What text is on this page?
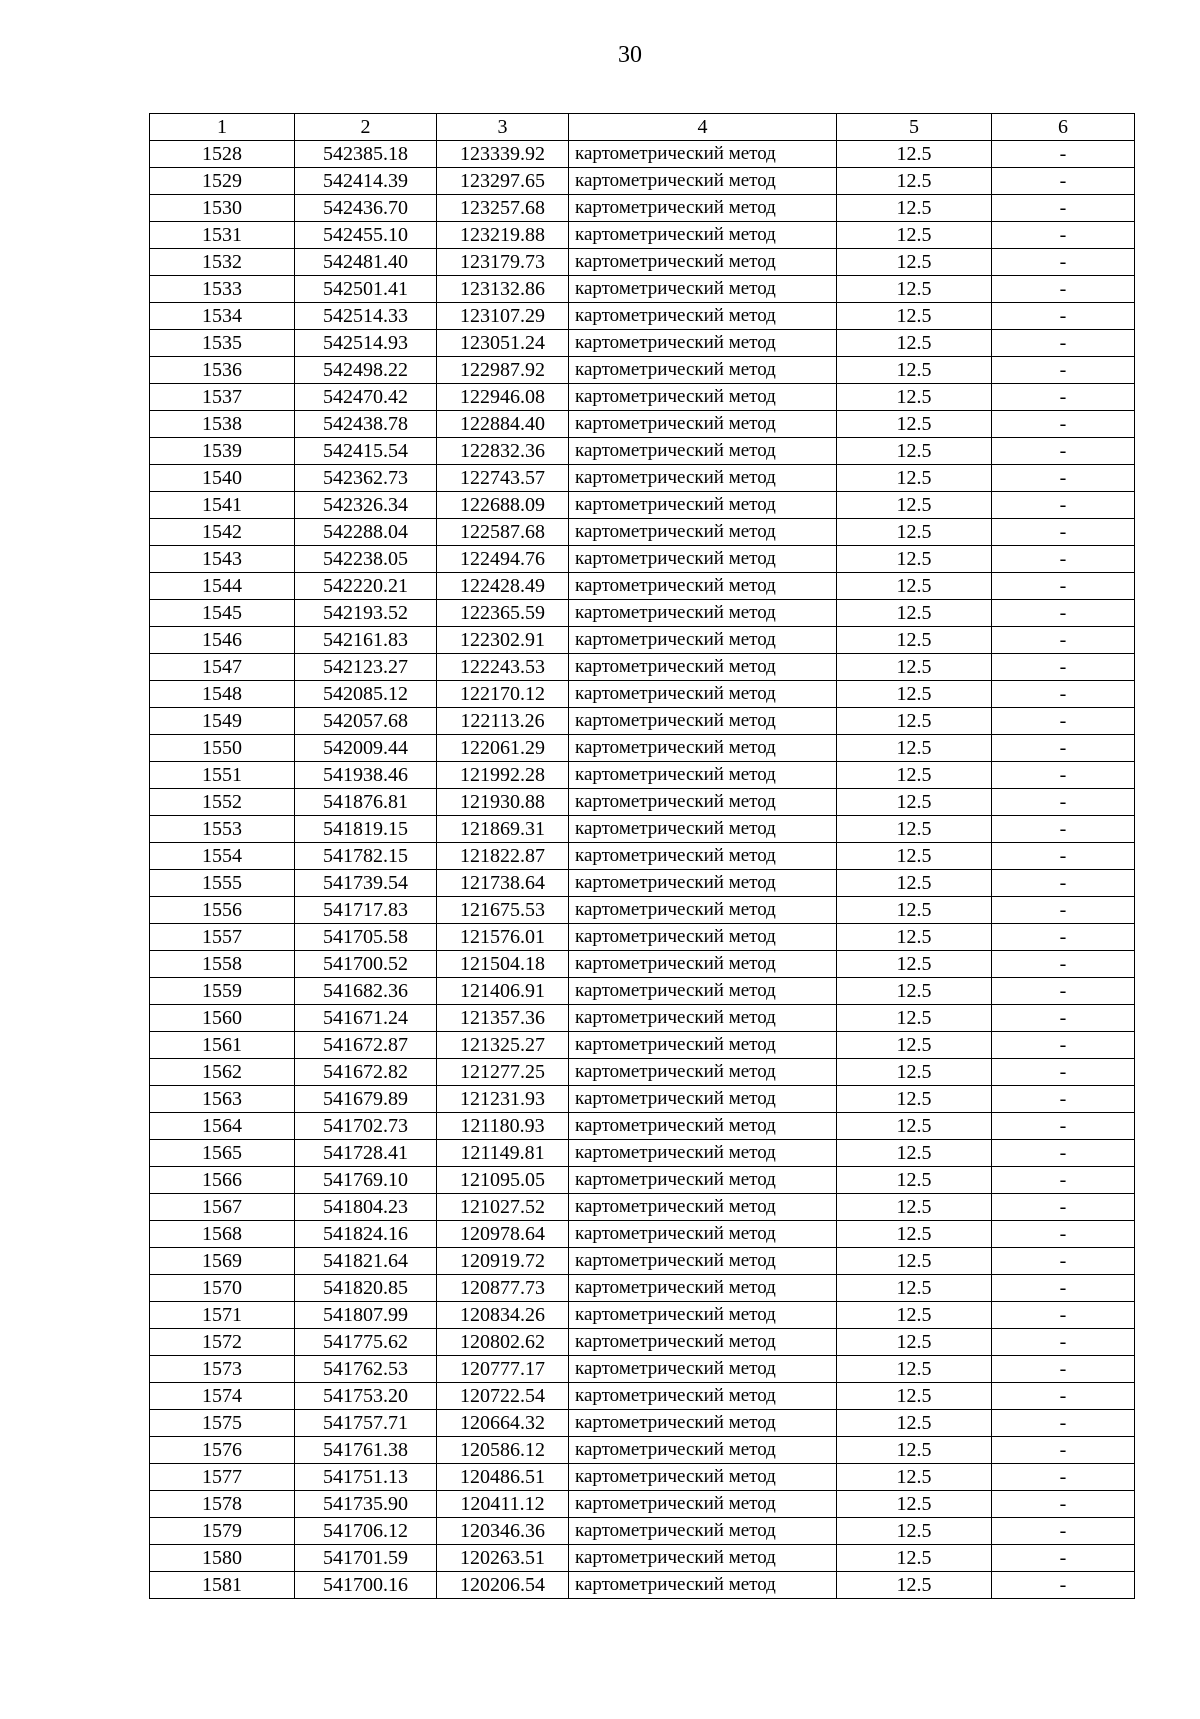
30
1	2	3	4	5	6
1528	542385.18	123339.92	картометрический метод	12.5	-
1529	542414.39	123297.65	картометрический метод	12.5	-
1530	542436.70	123257.68	картометрический метод	12.5	-
1531	542455.10	123219.88	картометрический метод	12.5	-
1532	542481.40	123179.73	картометрический метод	12.5	-
1533	542501.41	123132.86	картометрический метод	12.5	-
1534	542514.33	123107.29	картометрический метод	12.5	-
1535	542514.93	123051.24	картометрический метод	12.5	-
1536	542498.22	122987.92	картометрический метод	12.5	-
1537	542470.42	122946.08	картометрический метод	12.5	-
1538	542438.78	122884.40	картометрический метод	12.5	-
1539	542415.54	122832.36	картометрический метод	12.5	-
1540	542362.73	122743.57	картометрический метод	12.5	-
1541	542326.34	122688.09	картометрический метод	12.5	-
1542	542288.04	122587.68	картометрический метод	12.5	-
1543	542238.05	122494.76	картометрический метод	12.5	-
1544	542220.21	122428.49	картометрический метод	12.5	-
1545	542193.52	122365.59	картометрический метод	12.5	-
1546	542161.83	122302.91	картометрический метод	12.5	-
1547	542123.27	122243.53	картометрический метод	12.5	-
1548	542085.12	122170.12	картометрический метод	12.5	-
1549	542057.68	122113.26	картометрический метод	12.5	-
1550	542009.44	122061.29	картометрический метод	12.5	-
1551	541938.46	121992.28	картометрический метод	12.5	-
1552	541876.81	121930.88	картометрический метод	12.5	-
1553	541819.15	121869.31	картометрический метод	12.5	-
1554	541782.15	121822.87	картометрический метод	12.5	-
1555	541739.54	121738.64	картометрический метод	12.5	-
1556	541717.83	121675.53	картометрический метод	12.5	-
1557	541705.58	121576.01	картометрический метод	12.5	-
1558	541700.52	121504.18	картометрический метод	12.5	-
1559	541682.36	121406.91	картометрический метод	12.5	-
1560	541671.24	121357.36	картометрический метод	12.5	-
1561	541672.87	121325.27	картометрический метод	12.5	-
1562	541672.82	121277.25	картометрический метод	12.5	-
1563	541679.89	121231.93	картометрический метод	12.5	-
1564	541702.73	121180.93	картометрический метод	12.5	-
1565	541728.41	121149.81	картометрический метод	12.5	-
1566	541769.10	121095.05	картометрический метод	12.5	-
1567	541804.23	121027.52	картометрический метод	12.5	-
1568	541824.16	120978.64	картометрический метод	12.5	-
1569	541821.64	120919.72	картометрический метод	12.5	-
1570	541820.85	120877.73	картометрический метод	12.5	-
1571	541807.99	120834.26	картометрический метод	12.5	-
1572	541775.62	120802.62	картометрический метод	12.5	-
1573	541762.53	120777.17	картометрический метод	12.5	-
1574	541753.20	120722.54	картометрический метод	12.5	-
1575	541757.71	120664.32	картометрический метод	12.5	-
1576	541761.38	120586.12	картометрический метод	12.5	-
1577	541751.13	120486.51	картометрический метод	12.5	-
1578	541735.90	120411.12	картометрический метод	12.5	-
1579	541706.12	120346.36	картометрический метод	12.5	-
1580	541701.59	120263.51	картометрический метод	12.5	-
1581	541700.16	120206.54	картометрический метод	12.5	-
